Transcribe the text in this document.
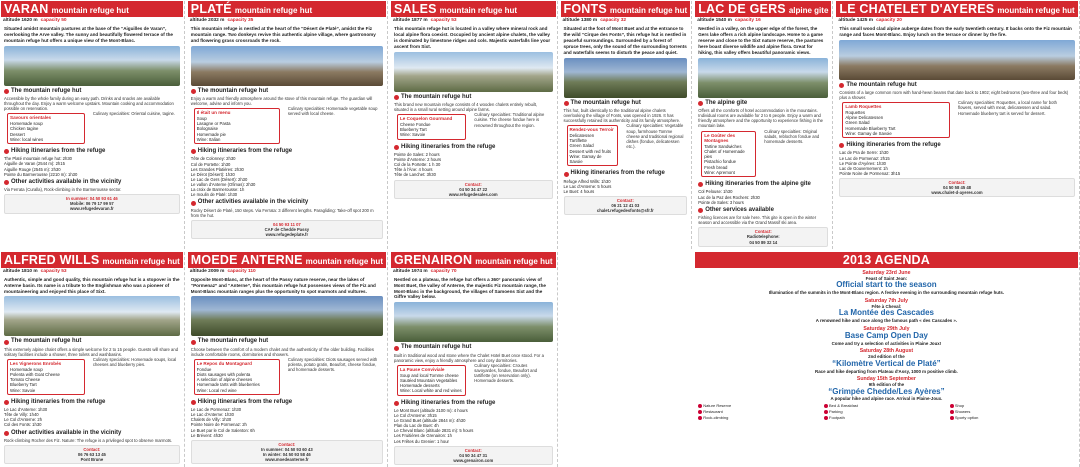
VARAN mountain refuge hut
altitude 1620 m capacity 50
Situated amidst mountain pastures at the base of the “Aiguilles de Varan”, overlooking the Arve valley. The sunny and beautifully flowered terrace of the mountain refuge hut offers a unique view of the Mont-Blanc.
The mountain refuge hut
Accessible by the whole family during an easy path. Drinks and snacks are available throughout the day. Enjoy a warm welcome upstairs. Mountain cooking and accommodation possible on reservation.
Savours orientales
Homemade soup
Chicken tagine
Dessert
Wine: local wines
Culinary specialties: Oriental cuisine, tagine.
Hiking itineraries from the refuge
The Platé mountain refuge hut: 2h30
Aiguille de Varan (2544 m): 2h15
Aiguille Rouge (2545 m): 2h30
Pointe du Barmerousse (2210 m): 1h30
Other activities available in the vicinity
Via Ferrata (Curalla), Rock-climbing in the Barmerousse sector.
In summer: 04 50 93 61 46
Mobile: 06 79 17 99 57
www.refugedevaran.fr
PLATÉ mountain refuge hut
altitude 2032 m capacity 35
This mountain refuge is nestled at the heart of the “Désert de Platé”, amidst the Fiz mountain range. Two donkeys revive this authentic alpine village, where gastronomy and flowering grass crossroads the rock.
The mountain refuge hut
Enjoy a warm and friendly atmosphere around the stove of this mountain refuge. The guardian will welcome, advise and inform you.
Il était un menu
Soup
Lasagne or Pasta
Bolognaise
Homemade pie
Wine: Italian
Culinary specialties: Homemade vegetable soup served with local cheese.
Hiking itineraries from the refuge
Tête de Colonney: 2h30
Col de Portette: 1h30
Les Grandes Platières: 2h30
Le Dérot (Désert): 1h30
Le Lac de Gers (Désert): 2h30
Le vallon d'Anterne (Ofimas): 2h30
La croix de Barmerousse: 1h
Le moulin de Platé: 1h30
Other activities available in the vicinity
Rocky Désert de Platé, 150 steps. Via Ferrata: 3 different lengths. Paragliding: Take-off spot 200 m from the hut.
04 50 93 11 07
CAF de Chedde Passy
www.refugedeplate.fr
SALES mountain refuge hut
altitude 1877 m capacity 53
This mountain refuge hut is located in a valley where mineral rock and local alpine flora coexist. Occupied by ancient alpine chalets, the valley is dominated by limestone ridges and cols. Majestic waterfalls line your ascent from Sixt.
The mountain refuge hut
This brand new mountain refuge consists of 4 wooden chalets entirely rebuilt, situated in a small rural setting around alpine farms.
Le Coquelon Gourmand
Cheese Fondue
Blueberry Tart
Wine: Savoie
Culinary specialties: Traditional alpine cuisine. The cheese fondue here is renowned throughout the region.
Hiking itineraries from the refuge
Pointe de Sales: 2 hours
Pointe d'Anterne: 2 hours
Col de la Portette: 1 h 30
Tête à l'Âne: 4 hours
Tête de Lanchet: 3h30
Contact:
04 50 34 47 22
www.refugedesales.com
FONTS mountain refuge hut
altitude 1380 m capacity 32
Situated at the foot of Mont Buet and at the entrance to the wild “Cirque des Fonts”, this refuge hut is nestled in peaceful surroundings. Surrounded by a forest of spruce trees, only the sound of the surrounding torrents and waterfalls seems to disturb the peace and quiet.
The mountain refuge hut
This hut, built identically to the traditional alpine chalets overlooking the village of Fonts, was opened in 1926. It has successfully retained its authenticity and its family atmosphere.
Rendez-vous Terroir
Delicatessen
Tartiflette
Green Salad
Dessert with red fruits
Wine: Gamay de Savoie
Culinary specialties: Vegetable soup, farmhouse Tomme cheese and traditional regional dishes (fondue, delicatessen etc.).
Hiking itineraries from the refuge
Refuge Alfred Wills: 1h30
Le Lac d'Anterne: 5 hours
Le Buet: 4 hours
Contact:
06 21 12 41 03
chalet.refugedesfonts@sfr.fr
LAC DE GERS alpine gite
altitude 1540 m capacity 16
Nestled in a valley, on the upper edge of the forest, the Gers lake offers a rich alpine landscape. Home to a game reserve and close to the Sixt nature reserve, the pastures here boast diverse wildlife and alpine flora. Great for hiking, this valley offers beautiful panoramic views.
The alpine gite
Offers all the comforts of hotel accommodation in the mountains. Individual rooms are available for 2 to 6 people. Enjoy a warm and friendly atmosphere and the opportunity to experience fishing in the mountain lake.
Le Goûter des Montagnes
Tartine Sandwiches
Chalet of Homemade pies
Pistachio fondue
Fresh bread
Wine: Apremont
Culinary specialties: Original salads, reblochon fondue and homemade desserts.
Hiking itineraries from the alpine gite
Col Pelouse: 1h30
Lac de la Paz des Rochers: 2h30
Pointe de Sales: 3 hours
Other services available
Fishing licences are for sale here. This gite is open in the winter season and accessible via the Grand Massif ski area.
Contact:
Radiotelephone:
04 50 89 32 14
LE CHATELET D'AYERES mountain refuge hut
altitude 1425 m capacity 20
This small wood clad alpine auberge dates from the early twentieth century. It backs onto the Fiz mountain range and faces Mont-Blanc. Enjoy lunch on the terrace or dinner by the fire.
The mountain refuge hut
Consists of a large common room with hand-hewn beams that date back to 1902; eight bedrooms (two-three and four beds) plus a shower.
Lamb Roquettes
Roquettes
Alpine Delicatessen
Green Salad
Homemade Blueberry Tart
Wine: Gamay de Savoie
Culinary specialties: Roquettes, a local name for both flowers, served with meat, delicatessen and salad. Homemade blueberry tart is served for dessert.
Hiking itineraries from the refuge
Lac de Pra de Serre: 1h30
Le Lac de Pormenaz: 2h15
Le Pointe d'Ayères: 1h30
Lac de Gouvernement: 1h
Pointe Noire de Pormenaz: 3h15
Contact:
04 50 58 45 48
www.chalet-d-ayeres.com
ALFRED WILLS mountain refuge hut
altitude 1810 m capacity 53
Authentic, simple and good quality, this mountain refuge hut is a stopover in the Anterne basin. Its name is a tribute to the Englishman who was a pioneer of mountaineering and enjoyed this place of Sixt.
The mountain refuge hut
This extremely alpine chalet offers a simple welcome for 2 to 15 people. Guests will share and solitary facilities include a shower, three toilets and washbasins.
Les Vignerons Enrobés
Homemade soup
Polenta with Goat Cheese
Tomato Cheese
Blueberry Tart
Wine: Savoie
Culinary specialties: Homemade soups, local cheeses and blueberry pies.
Hiking itineraries from the refuge
Le Lac d'Anterne: 1h30
Tête de Villy: 1h40
Le Col d'Anterne: 2h
Col des Fonts: 1h30
Other activities available in the vicinity
Rock-climbing Rocher des Fiz. Nature: The refuge is a privileged spot to observe marmots.
Contact:
06 76 63 13 45
Pont Brune
MOEDE ANTERNE mountain refuge hut
altitude 2009 m capacity 110
Opposite Mont-Blanc, at the heart of the Passy nature reserve, near the lakes of “Pormenaz” and “Anterne”, this mountain refuge hut possesses views of the Fiz and Mont-Blanc mountain ranges plus the opportunity to spot marmots and vultures.
The mountain refuge hut
Choose between the comfort of a modern chalet and the authenticity of the older building. Facilities include comfortable rooms, dormitories and showers.
Le Repos du Montagnard
Fondue
Diots sausages with polenta
A selection of alpine cheeses
Homemade tarts with blueberries
Wine: Local red wine
Culinary specialties: Diots sausages served with polenta, potato gratin, Beaufort, cheese fondue, and homemade desserts.
Hiking itineraries from the refuge
Le Lac de Pormenaz: 1h30
Le Lac d'Anterne: 1h30
Chalets de Villy: 1h30
Pointe Noire de Pormenaz: 2h
Le Buet par le Col de Salenton: 6h
Le Brévent: 4h30
Contact:
In summer: 04 50 93 60 43
In winter: 04 50 93 58 46
www.moedeanterne.fr
GRENAIRON mountain refuge hut
altitude 1974 m capacity 70
Nestled on a plateau, the refuge hut offers a 360° panoramic view of Mont Buet, the valley of Anterne, the majestic Fiz mountain range, the Mont-Blanc in the background, the villages of Samoens Sixt and the Giffre Valley below.
The mountain refuge hut
Built in traditional wood and stone where the Chalet Hotel Buet once stood. For a panoramic view, enjoy a friendly atmosphere and cosy dormitories.
La Pause Conviviale
Soup and local Tomme cheese
Sautéed Mountain Vegetables
Homemade desserts
Wine: Local white and red wines
Culinary specialties: Croutes savoyardes, fondue, Beaufort and tartiflette (on reservation only). Homemade desserts.
Hiking itineraries from the refuge
Le Mont Buet (altitude 3100 m): 4 hours
Le Col d'Anterne: 3h15
Le Grand Buet (altitude 2844 m): 4h30
Plan du Lac de Buet: 4h
Le Cheval Blanc (altitude 2831 m): 5 hours
Les Fruitières de Grenairon: 1h
Les Frêtes du Grenier: 1 hour
Contact:
04 50 34 47 31
www.grenairon.com
2013 AGENDA
Saturday 23rd June
Feast of Saint Jean:
Official start to the season
Illumination of the summits in the Mont-Blanc region. A festive evening in the surrounding mountain refuge huts.
Saturday 7th July
Fête à Cheval:
La Montée des Cascades
A renowned hike and race along the famous path « des Cascades ».
Saturday 29th July
Base Camp Open Day
Come and try a selection of activities in Plaine Joux!
Saturday 28th August
2nd edition of the
“Kilomètre Vertical de Platé”
Race and hike departing from Plateau d'Assy, 1000 m positive climb.
Sunday 15th September
9th edition of the
“Grimpée Chedde/Les Ayères”
A popular hike and alpine race. Arrival in Plaine-Joux.
Nature Reserve	Bed & Breakfast	Shop
Restaurant	Parking	Showers
Rock-climbing	Footpath	Sporty option
